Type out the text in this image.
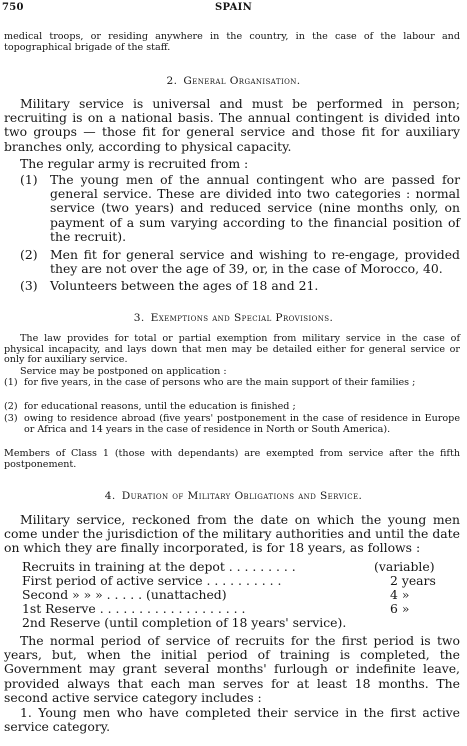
750	SPAIN

medical troops, or residing anywhere in the country, in the case of the labour and topographical brigade of the staff.

2. General Organisation.

Military service is universal and must be performed in person; recruiting is on a national basis. The annual contingent is divided into two groups — those fit for general service and those fit for auxiliary branches only, according to physical capacity.

The regular army is recruited from :

(1)	The young men of the annual contingent who are passed for general service. These are divided into two categories : normal service (two years) and reduced service (nine months only, on payment of a sum varying according to the financial position of the recruit).
(2)	Men fit for general service and wishing to re-engage, provided they are not over the age of 39, or, in the case of Morocco, 40.
(3)	Volunteers between the ages of 18 and 21.
3. Exemptions and Special Provisions.

The law provides for total or partial exemption from military service in the case of physical incapacity, and lays down that men may be detailed either for general service or only for auxiliary service.

Service may be postponed on application :

(1) for five years, in the case of persons who are the main support of their families ;
(2) for educational reasons, until the education is finished ;
(3) owing to residence abroad (five years' postponement in the case of residence in Europe or Africa and 14 years in the case of residence in North or South America).

Members of Class 1 (those with dependants) are exempted from service after the fifth postponement.

4. Duration of Military Obligations and Service.

Military service, reckoned from the date on which the young men come under the jurisdiction of the military authorities and until the date on which they are finally incorporated, is for 18 years, as follows :

Recruits in training at the depot . . . . . . . . .	(variable)
First period of active service . . . . . . . . . .	2 years
Second » » » . . . . . (unattached)	4 »
1st Reserve . . . . . . . . . . . . . . . . . . .	6 »
2nd Reserve (until completion of 18 years' service).

The normal period of service of recruits for the first period is two years, but, when the initial period of training is completed, the Government may grant several months' furlough or indefinite leave, provided always that each man serves for at least 18 months. The second active service category includes :

1. Young men who have completed their service in the first active service category.
